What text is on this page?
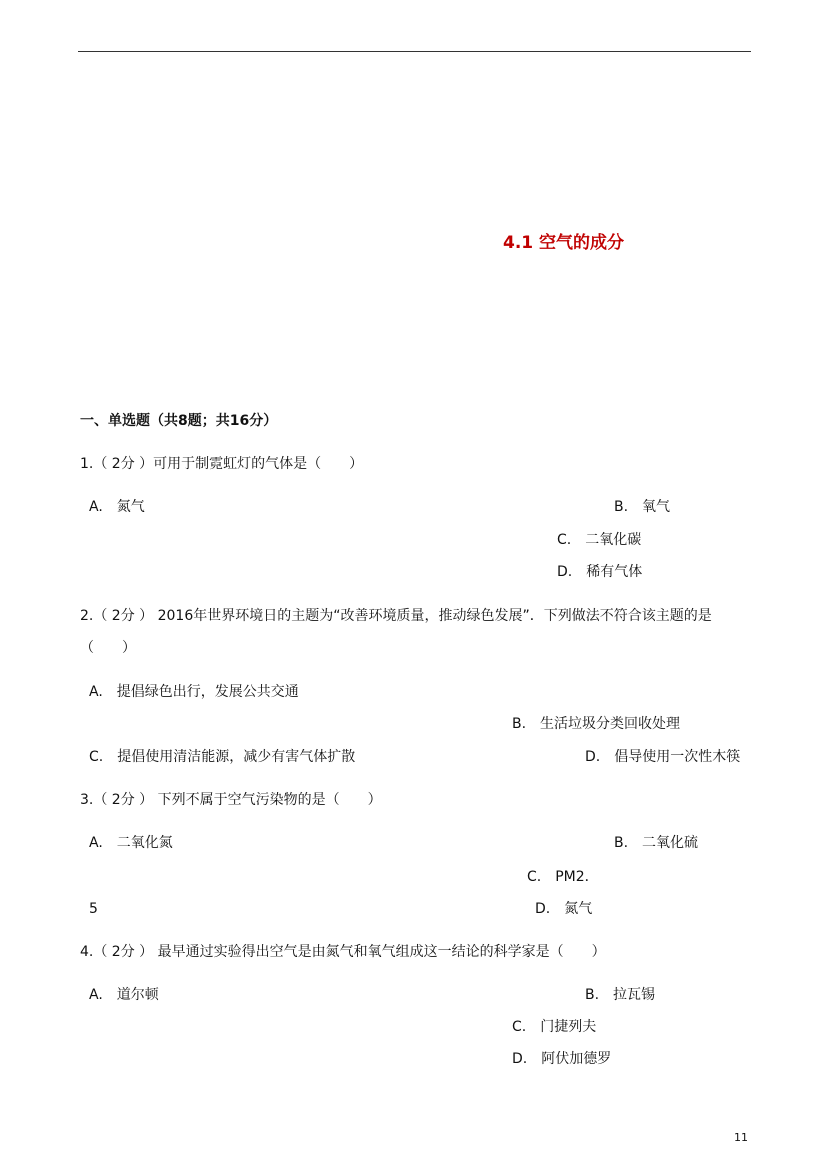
4.1 空气的成分
一、单选题（共8题；共16分）
1.（ 2分 ）可用于制霓虹灯的气体是（　　）
A.　氮气	B.　氧气
C.　二氧化碳
D.　稀有气体
2.（ 2分 ） 2016年世界环境日的主题为“改善环境质量，推动绿色发展”．下列做法不符合该主题的是
（　　）
A.　提倡绿色出行，发展公共交通
B.　生活垃圾分类回收处理
C.　提倡使用清洁能源，减少有害气体扩散	D.　倡导使用一次性木筷
3.（ 2分 ） 下列不属于空气污染物的是（　　）
A.　二氧化氮	B.　二氧化硫
C.　PM2．
5	D.　氮气
4.（ 2分 ） 最早通过实验得出空气是由氮气和氧气组成这一结论的科学家是（　　）
A.　道尔顿	B.　拉瓦锡
C.　门捷列夫
D.　阿伏加德罗
11
